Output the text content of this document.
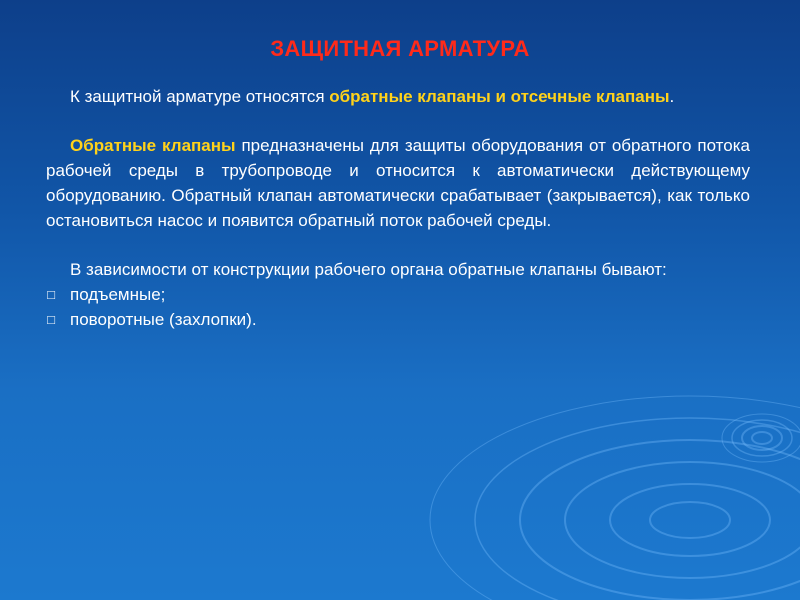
ЗАЩИТНАЯ АРМАТУРА

К защитной арматуре относятся обратные клапаны и отсечные клапаны.

Обратные клапаны предназначены для защиты оборудования от обратного потока рабочей среды в трубопроводе и относится к автоматически действующему оборудованию. Обратный клапан автоматически срабатывает (закрывается), как только остановиться насос и появится обратный поток рабочей среды.

В зависимости от конструкции рабочего органа обратные клапаны бывают:

□ подъемные;

□ поворотные (захлопки).
